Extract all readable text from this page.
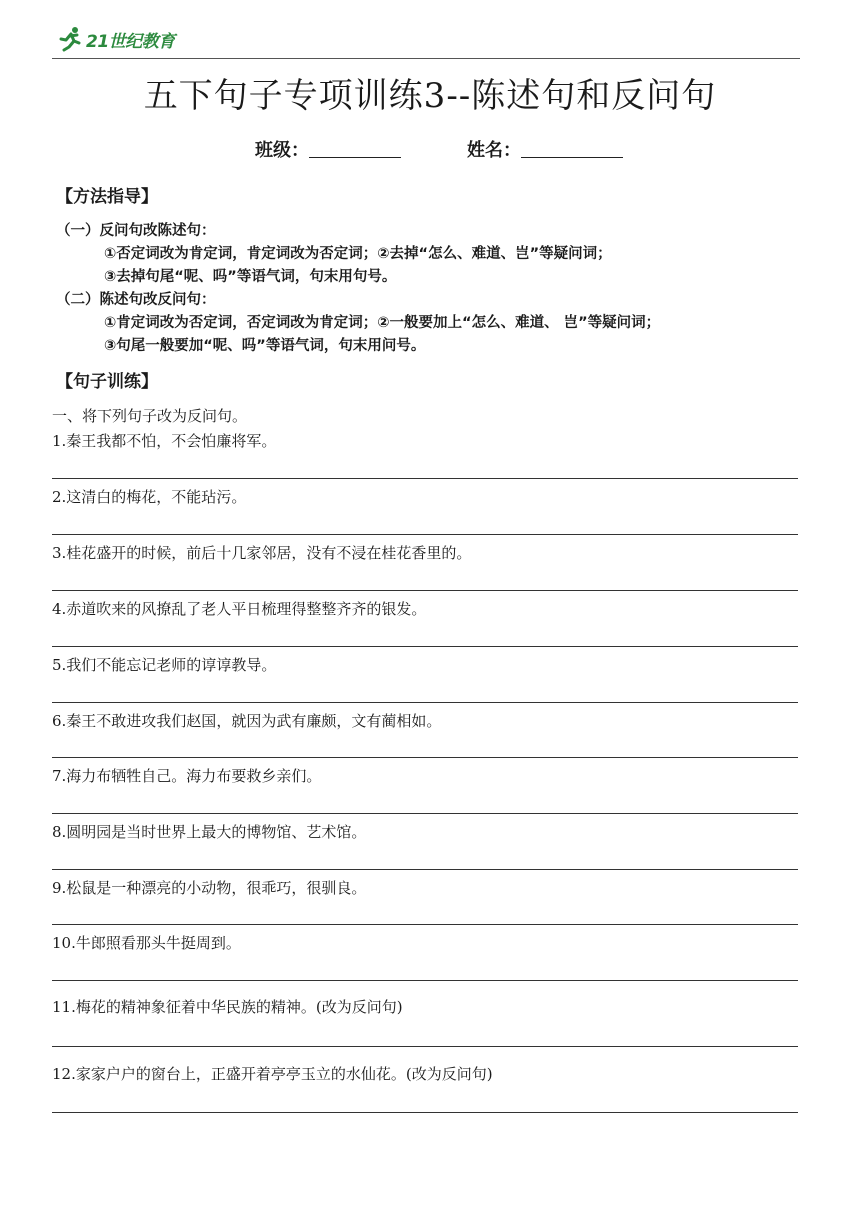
21世纪教育
五下句子专项训练3--陈述句和反问句
班级：	姓名：
【方法指导】
（一）反问句改陈述句：
①否定词改为肯定词，肯定词改为否定词；②去掉“怎么、难道、岂”等疑问词；
③去掉句尾“呢、吗”等语气词，句末用句号。
（二）陈述句改反问句：
①肯定词改为否定词，否定词改为肯定词；②一般要加上“怎么、难道、 岂”等疑问词；
③句尾一般要加“呢、吗”等语气词，句末用问号。
【句子训练】
一、将下列句子改为反问句。
1.秦王我都不怕，不会怕廉将军。
2.这清白的梅花，不能玷污。
3.桂花盛开的时候，前后十几家邻居，没有不浸在桂花香里的。
4.赤道吹来的风撩乱了老人平日梳理得整整齐齐的银发。
5.我们不能忘记老师的谆谆教导。
6.秦王不敢进攻我们赵国，就因为武有廉颇，文有蔺相如。
7.海力布牺牲自己。海力布要救乡亲们。
8.圆明园是当时世界上最大的博物馆、艺术馆。
9.松鼠是一种漂亮的小动物，很乖巧，很驯良。
10.牛郎照看那头牛挺周到。
11.梅花的精神象征着中华民族的精神。(改为反问句)
12.家家户户的窗台上，正盛开着亭亭玉立的水仙花。(改为反问句)
